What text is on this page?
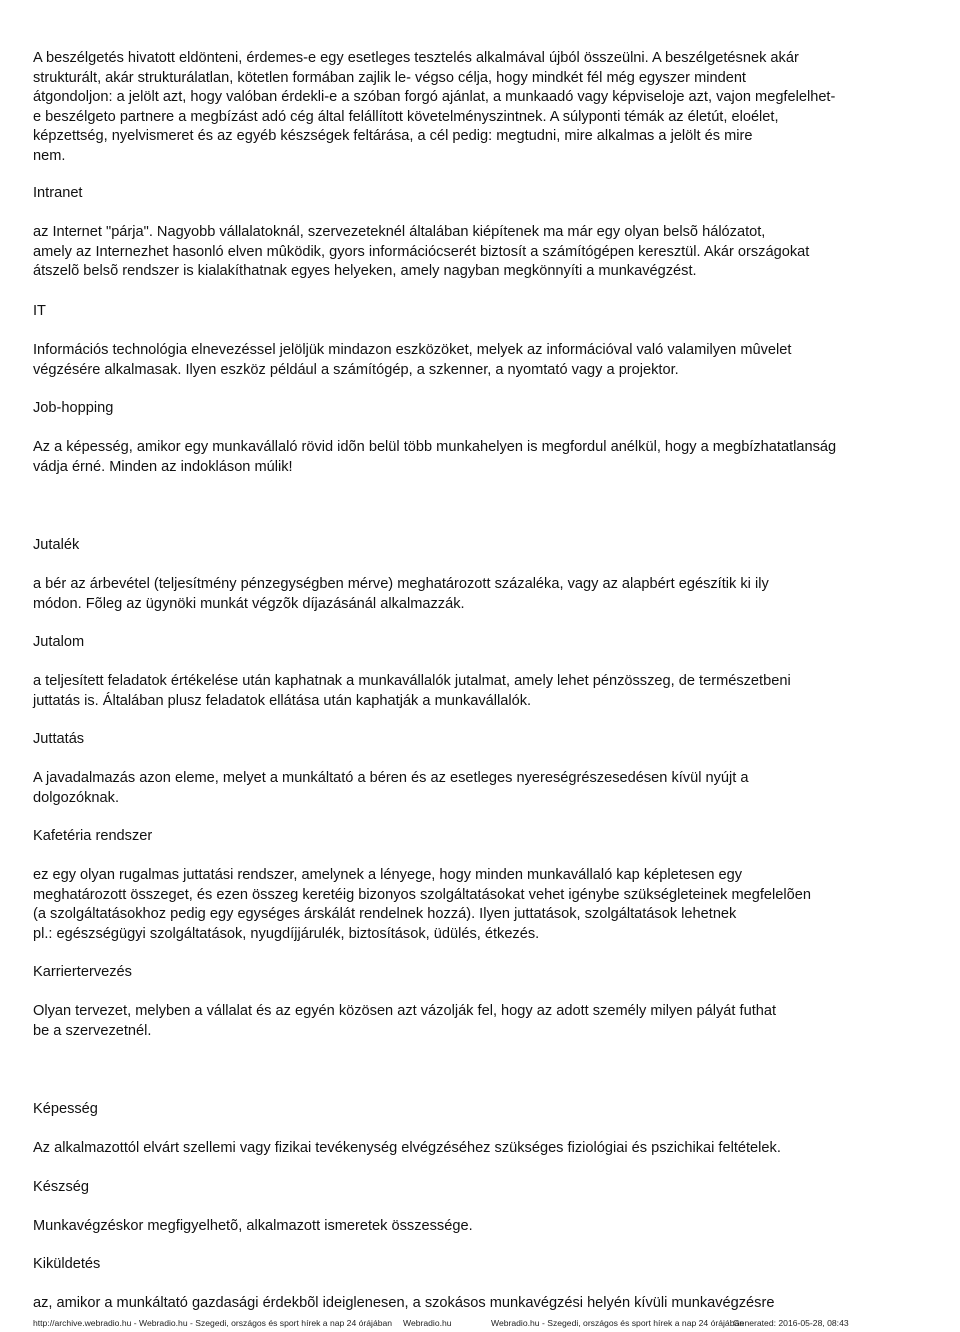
A beszélgetés hivatott eldönteni, érdemes-e egy esetleges tesztelés alkalmával újból összeülni. A beszélgetésnek akár
strukturált, akár strukturálatlan, kötetlen formában zajlik le- végso célja, hogy mindkét fél még egyszer mindent
átgondoljon: a jelölt azt, hogy valóban érdekli-e a szóban forgó ajánlat, a munkaadó vagy képviseloje azt, vajon megfelelhet-
e beszélgeto partnere a megbízást adó cég által felállított követelményszintnek. A súlyponti témák az életút, eloélet,
képzettség, nyelvismeret és az egyéb készségek feltárása, a cél pedig: megtudni, mire alkalmas a jelölt és mire
nem.

Intranet

az Internet "párja". Nagyobb vállalatoknál, szervezeteknél általában kiépítenek ma már egy olyan belsõ hálózatot,
amely az Internezhet hasonló elven mûködik, gyors információcserét biztosít a számítógépen keresztül. Akár országokat
átszelõ belsõ rendszer is kialakíthatnak egyes helyeken, amely nagyban megkönnyíti a munkavégzést.

IT

Információs technológia elnevezéssel jelöljük mindazon eszközöket, melyek az információval való valamilyen mûvelet
végzésére alkalmasak. Ilyen eszköz például a számítógép, a szkenner, a nyomtató vagy a projektor.

Job-hopping

Az a képesség, amikor egy munkavállaló rövid idõn belül több munkahelyen is megfordul anélkül, hogy a megbízhatatlanság
vádja érné. Minden az indokláson múlik!

Jutalék

a bér az árbevétel (teljesítmény pénzegységben mérve) meghatározott százaléka, vagy az alapbért egészítik ki ily
módon. Fõleg az ügynöki munkát végzõk díjazásánál alkalmazzák.

Jutalom

a teljesített feladatok értékelése után kaphatnak a munkavállalók jutalmat, amely lehet pénzösszeg, de természetbeni
juttatás is. Általában plusz feladatok ellátása után kaphatják a munkavállalók.

Juttatás

A javadalmazás azon eleme, melyet a munkáltató a béren és az esetleges nyereségrészesedésen kívül nyújt a
dolgozóknak.

Kafetéria rendszer

ez egy olyan rugalmas juttatási rendszer, amelynek a lényege, hogy minden munkavállaló kap képletesen egy
meghatározott összeget, és ezen összeg keretéig bizonyos szolgáltatásokat vehet igénybe szükségleteinek megfelelõen
(a szolgáltatásokhoz pedig egy egységes árskálát rendelnek hozzá). Ilyen juttatások, szolgáltatások lehetnek
pl.: egészségügyi szolgáltatások, nyugdíjjárulék, biztosítások, üdülés, étkezés.

Karriertervezés

Olyan tervezet, melyben a vállalat és az egyén közösen azt vázolják fel, hogy az adott személy milyen pályát futhat
be a szervezetnél.

Képesség

Az alkalmazottól elvárt szellemi vagy fizikai tevékenység elvégzéséhez szükséges fiziológiai és pszichikai feltételek.

Készség

Munkavégzéskor megfigyelhetõ, alkalmazott ismeretek összessége.

Kiküldetés

az, amikor a munkáltató gazdasági érdekbõl ideiglenesen, a szokásos munkavégzési helyén kívüli munkavégzésre

http://archive.webradio.hu - Webradio.hu - Szegedi, országos és sport hírek a nap 24 órájában Webradio.hu	Webradio.hu - Szegedi, országos és sport hírek a nap 24 órájában
Generated: 2016-05-28, 08:43
